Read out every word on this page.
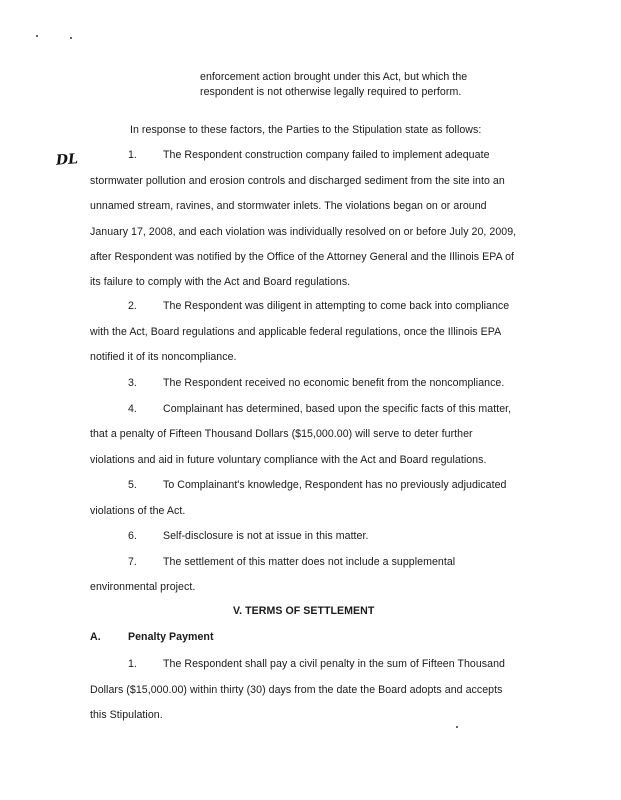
enforcement action brought under this Act, but which the
respondent is not otherwise legally required to perform.
In response to these factors, the Parties to the Stipulation state as follows:
DL	1. The Respondent construction company failed to implement adequate
stormwater pollution and erosion controls and discharged sediment from the site into an
unnamed stream, ravines, and stormwater inlets. The violations began on or around
January 17, 2008, and each violation was individually resolved on or before July 20, 2009,
after Respondent was notified by the Office of the Attorney General and the Illinois EPA of
its failure to comply with the Act and Board regulations.
2. The Respondent was diligent in attempting to come back into compliance
with the Act, Board regulations and applicable federal regulations, once the Illinois EPA
notified it of its noncompliance.
3. The Respondent received no economic benefit from the noncompliance.
4. Complainant has determined, based upon the specific facts of this matter,
that a penalty of Fifteen Thousand Dollars ($15,000.00) will serve to deter further
violations and aid in future voluntary compliance with the Act and Board regulations.
5. To Complainant's knowledge, Respondent has no previously adjudicated
violations of the Act.
6. Self-disclosure is not at issue in this matter.
7. The settlement of this matter does not include a supplemental
environmental project.
V. TERMS OF SETTLEMENT
A.	Penalty Payment
1. The Respondent shall pay a civil penalty in the sum of Fifteen Thousand
Dollars ($15,000.00) within thirty (30) days from the date the Board adopts and accepts
this Stipulation.
